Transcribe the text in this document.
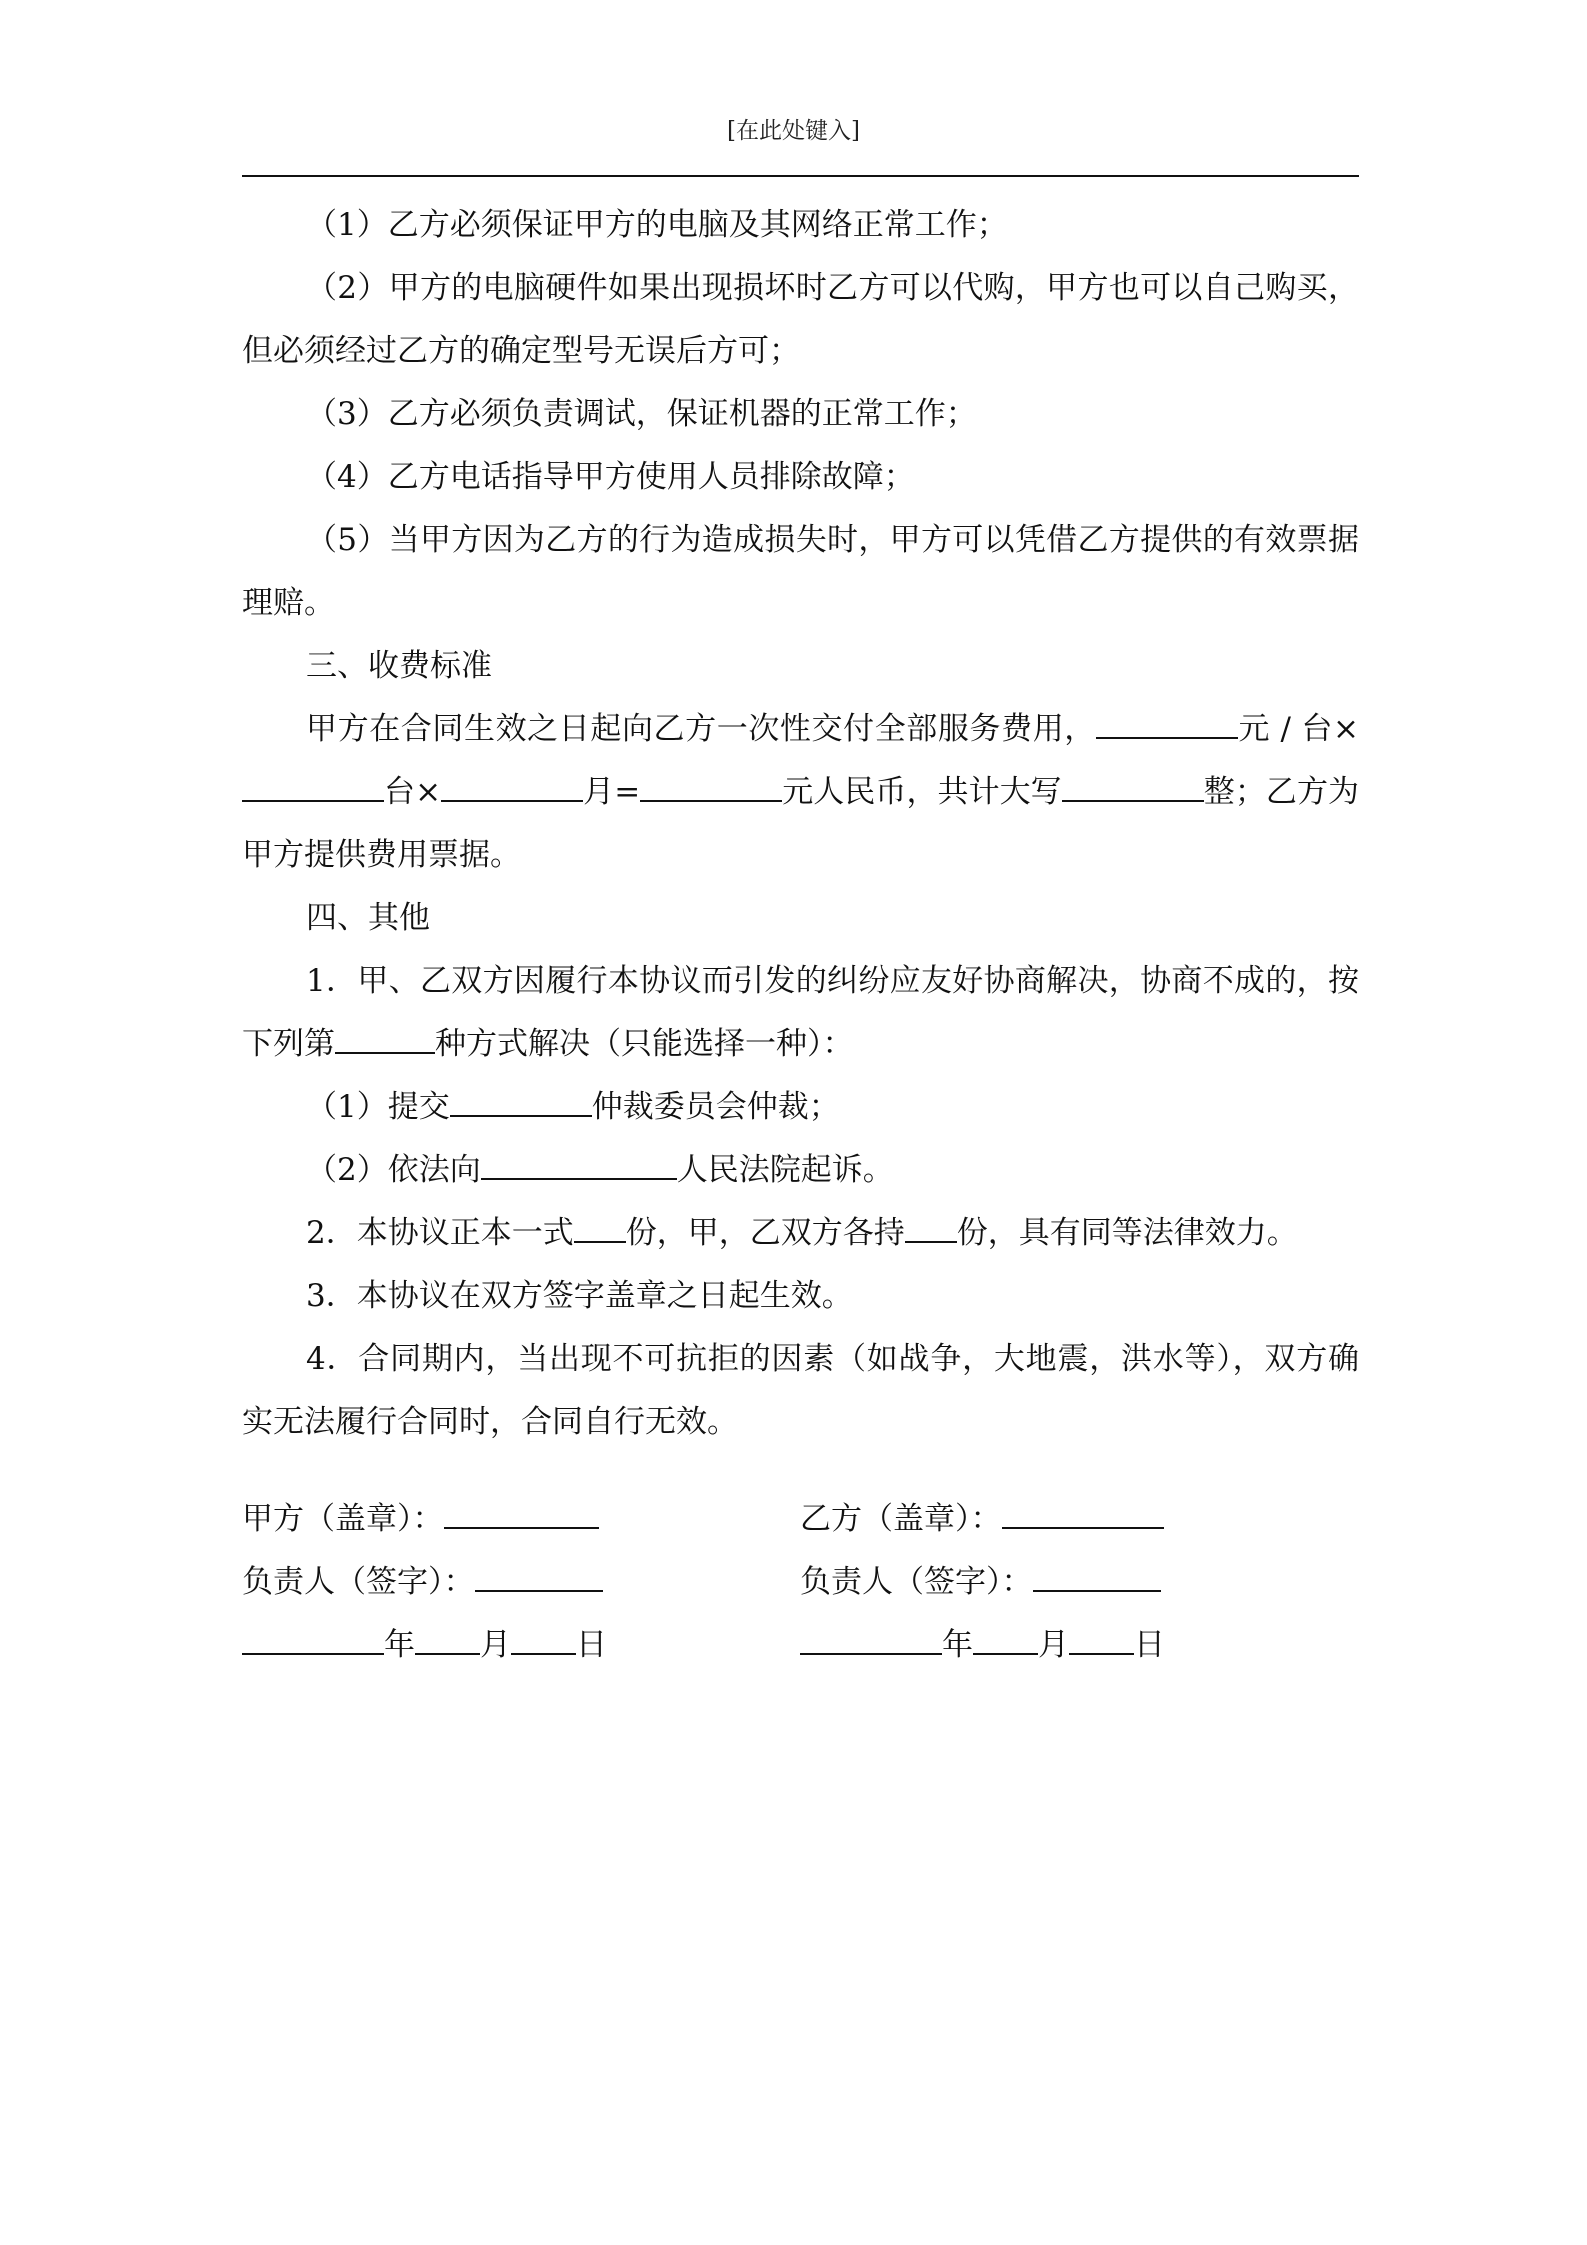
[在此处键入]

（1）乙方必须保证甲方的电脑及其网络正常工作；

（2）甲方的电脑硬件如果出现损坏时乙方可以代购，甲方也可以自己购买，但必须经过乙方的确定型号无误后方可；

（3）乙方必须负责调试，保证机器的正常工作；

（4）乙方电话指导甲方使用人员排除故障；

（5）当甲方因为乙方的行为造成损失时，甲方可以凭借乙方提供的有效票据理赔。

三、收费标准

甲方在合同生效之日起向乙方一次性交付全部服务费用，	元 / 台×台×	月=	元人民币，共计大写	整；乙方为甲方提供费用票据。

四、其他

1．甲、乙双方因履行本协议而引发的纠纷应友好协商解决，协商不成的，按下列第	种方式解决（只能选择一种）：

（1）提交	仲裁委员会仲裁；

（2）依法向	人民法院起诉。

2．本协议正本一式 份，甲，乙双方各持 份，具有同等法律效力。

3．本协议在双方签字盖章之日起生效。

4．合同期内，当出现不可抗拒的因素（如战争，大地震，洪水等），双方确实无法履行合同时，合同自行无效。

甲方（盖章）：
负责人（签字）：
年 月 日
乙方（盖章）：
负责人（签字）：
年 月 日
